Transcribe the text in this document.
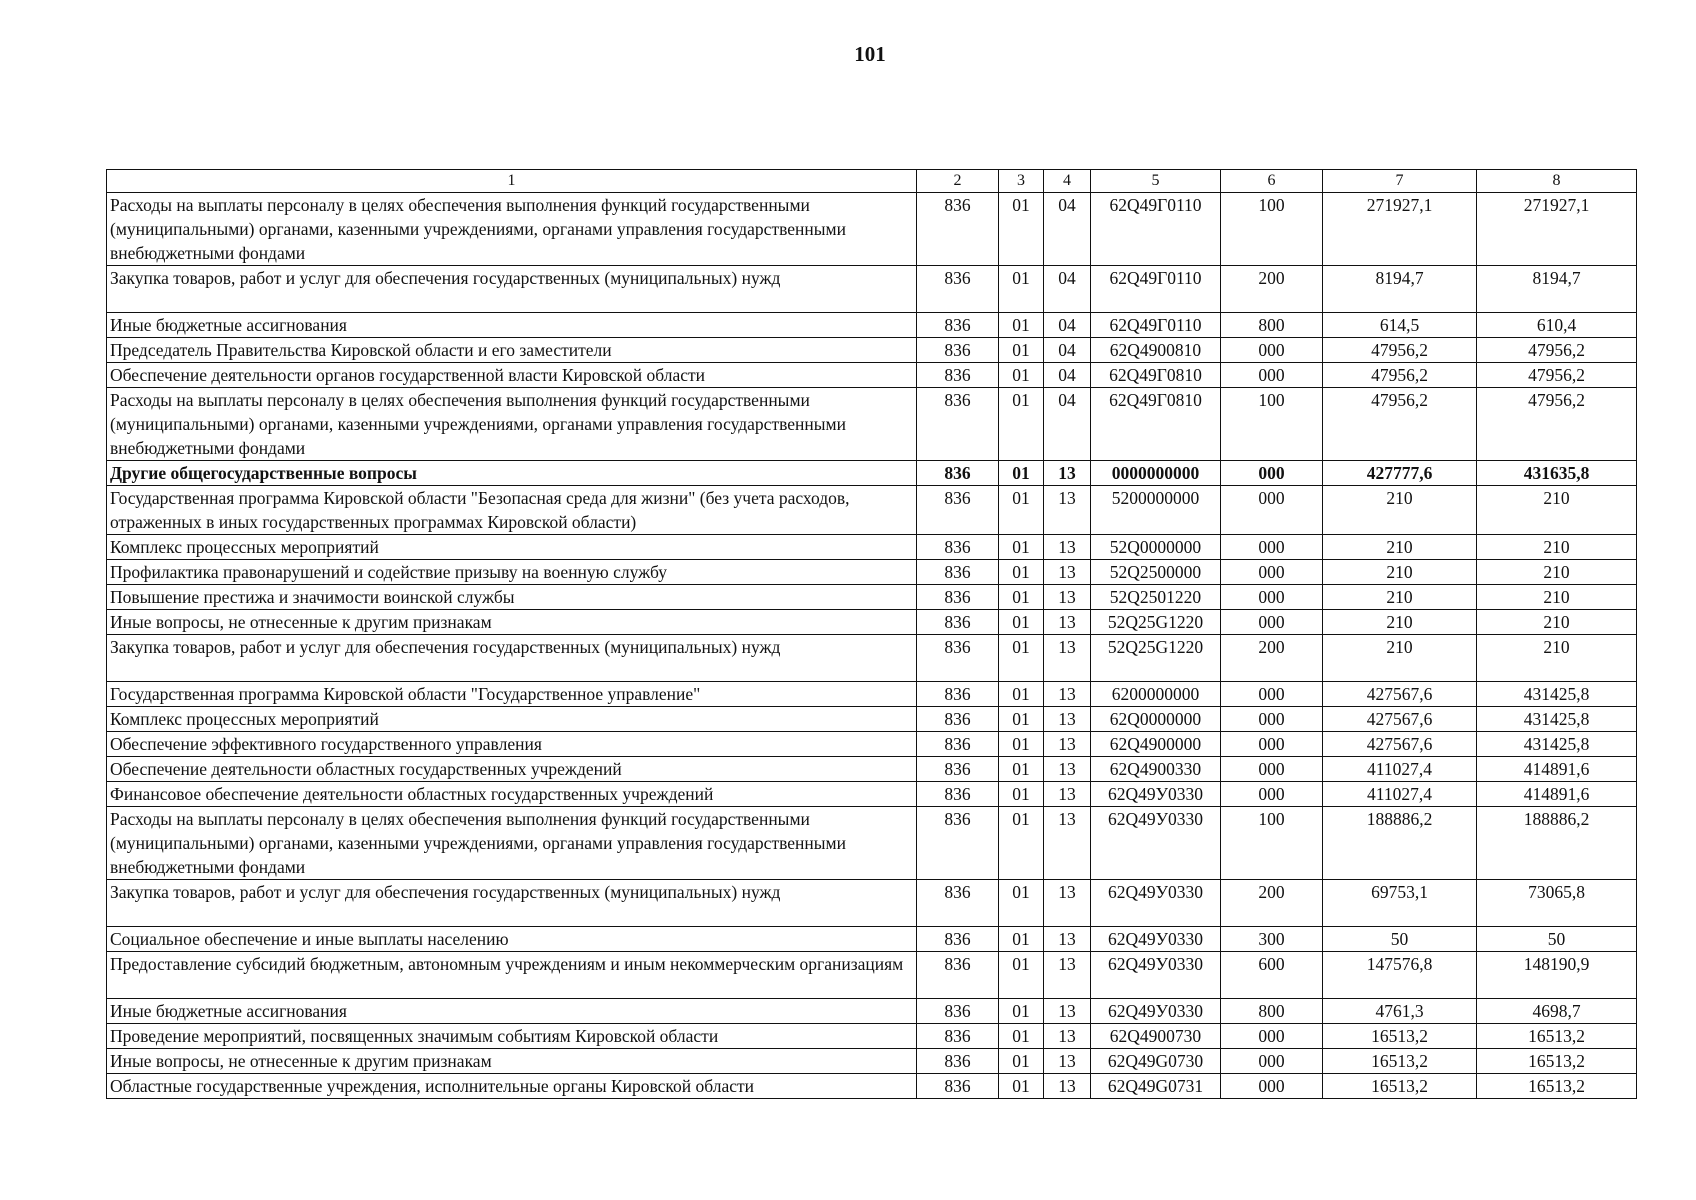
101
1	2	3	4	5	6	7	8
Расходы на выплаты персоналу в целях обеспечения выполнения функций государственными (муниципальными) органами, казенными учреждениями, органами управления государственными внебюджетными фондами	836	01	04	62Q49Г0110	100	271927,1	271927,1
Закупка товаров, работ и услуг для обеспечения государственных (муниципальных) нужд	836	01	04	62Q49Г0110	200	8194,7	8194,7
Иные бюджетные ассигнования	836	01	04	62Q49Г0110	800	614,5	610,4
Председатель Правительства Кировской области и его заместители	836	01	04	62Q4900810	000	47956,2	47956,2
Обеспечение деятельности органов государственной власти Кировской области	836	01	04	62Q49Г0810	000	47956,2	47956,2
Расходы на выплаты персоналу в целях обеспечения выполнения функций государственными (муниципальными) органами, казенными учреждениями, органами управления государственными внебюджетными фондами	836	01	04	62Q49Г0810	100	47956,2	47956,2
Другие общегосударственные вопросы	836	01	13	0000000000	000	427777,6	431635,8
Государственная программа Кировской области "Безопасная среда для жизни" (без учета расходов, отраженных в иных государственных программах Кировской области)	836	01	13	5200000000	000	210	210
Комплекс процессных мероприятий	836	01	13	52Q0000000	000	210	210
Профилактика правонарушений и содействие призыву на военную службу	836	01	13	52Q2500000	000	210	210
Повышение престижа и значимости воинской службы	836	01	13	52Q2501220	000	210	210
Иные вопросы, не отнесенные к другим признакам	836	01	13	52Q25G1220	000	210	210
Закупка товаров, работ и услуг для обеспечения государственных (муниципальных) нужд	836	01	13	52Q25G1220	200	210	210
Государственная программа Кировской области "Государственное управление"	836	01	13	6200000000	000	427567,6	431425,8
Комплекс процессных мероприятий	836	01	13	62Q0000000	000	427567,6	431425,8
Обеспечение эффективного государственного управления	836	01	13	62Q4900000	000	427567,6	431425,8
Обеспечение деятельности областных государственных учреждений	836	01	13	62Q4900330	000	411027,4	414891,6
Финансовое обеспечение деятельности областных государственных учреждений	836	01	13	62Q49У0330	000	411027,4	414891,6
Расходы на выплаты персоналу в целях обеспечения выполнения функций государственными (муниципальными) органами, казенными учреждениями, органами управления государственными внебюджетными фондами	836	01	13	62Q49У0330	100	188886,2	188886,2
Закупка товаров, работ и услуг для обеспечения государственных (муниципальных) нужд	836	01	13	62Q49У0330	200	69753,1	73065,8
Социальное обеспечение и иные выплаты населению	836	01	13	62Q49У0330	300	50	50
Предоставление субсидий бюджетным, автономным учреждениям и иным некоммерческим организациям	836	01	13	62Q49У0330	600	147576,8	148190,9
Иные бюджетные ассигнования	836	01	13	62Q49У0330	800	4761,3	4698,7
Проведение мероприятий, посвященных значимым событиям Кировской области	836	01	13	62Q4900730	000	16513,2	16513,2
Иные вопросы, не отнесенные к другим признакам	836	01	13	62Q49G0730	000	16513,2	16513,2
Областные государственные учреждения, исполнительные органы Кировской области	836	01	13	62Q49G0731	000	16513,2	16513,2
